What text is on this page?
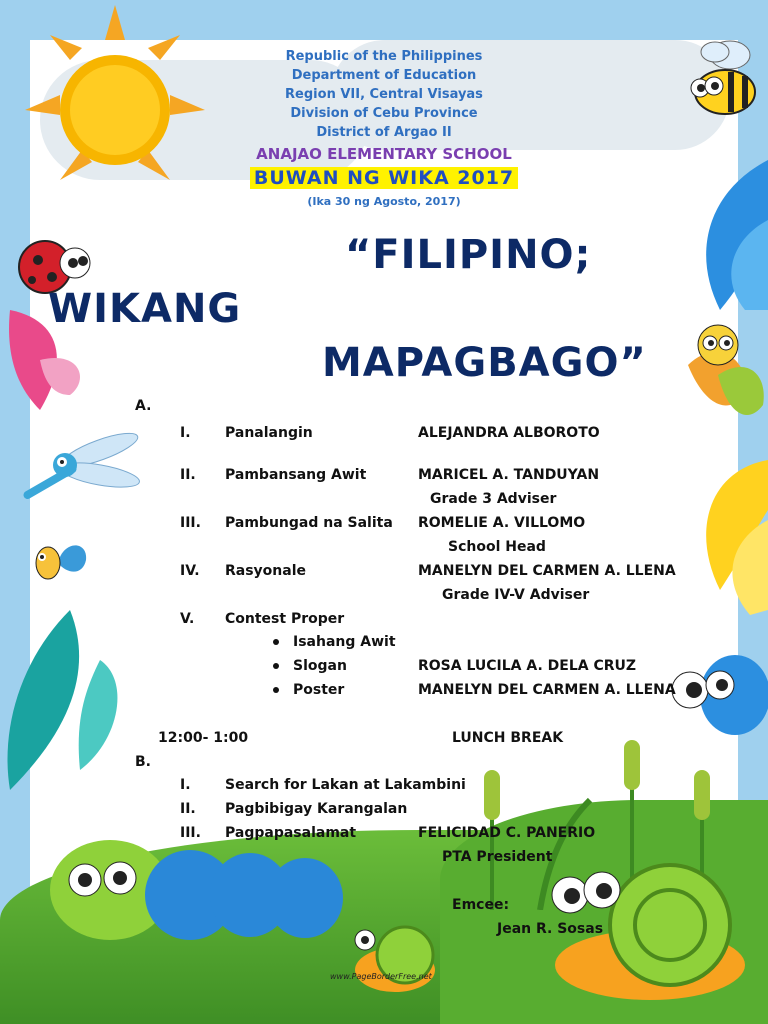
Republic of the Philippines
Department of Education
Region VII, Central Visayas
Division of Cebu Province
District of Argao II
ANAJAO ELEMENTARY SCHOOL
BUWAN NG WIKA 2017
(Ika 30 ng Agosto, 2017)
“FILIPINO;
WIKANG
MAPAGBAGO”
A.
I. Panalangin	ALEJANDRA ALBOROTO
II. Pambansang Awit	MARICEL A. TANDUYAN
Grade 3 Adviser
III. Pambungad na Salita ROMELIE A. VILLOMO
School Head
IV. Rasyonale	MANELYN DEL CARMEN A. LLENA
Grade IV-V Adviser
V. Contest Proper
Isahang Awit
Slogan	ROSA LUCILA A. DELA CRUZ
Poster	MANELYN DEL CARMEN A. LLENA
12:00- 1:00	LUNCH BREAK
B.
I. Search for Lakan at Lakambini
II. Pagbibigay Karangalan
III. Pagpapasalamat	FELICIDAD C. PANERIO
PTA President
Emcee:
Jean R. Sosas
www.PageBorderFree.net
